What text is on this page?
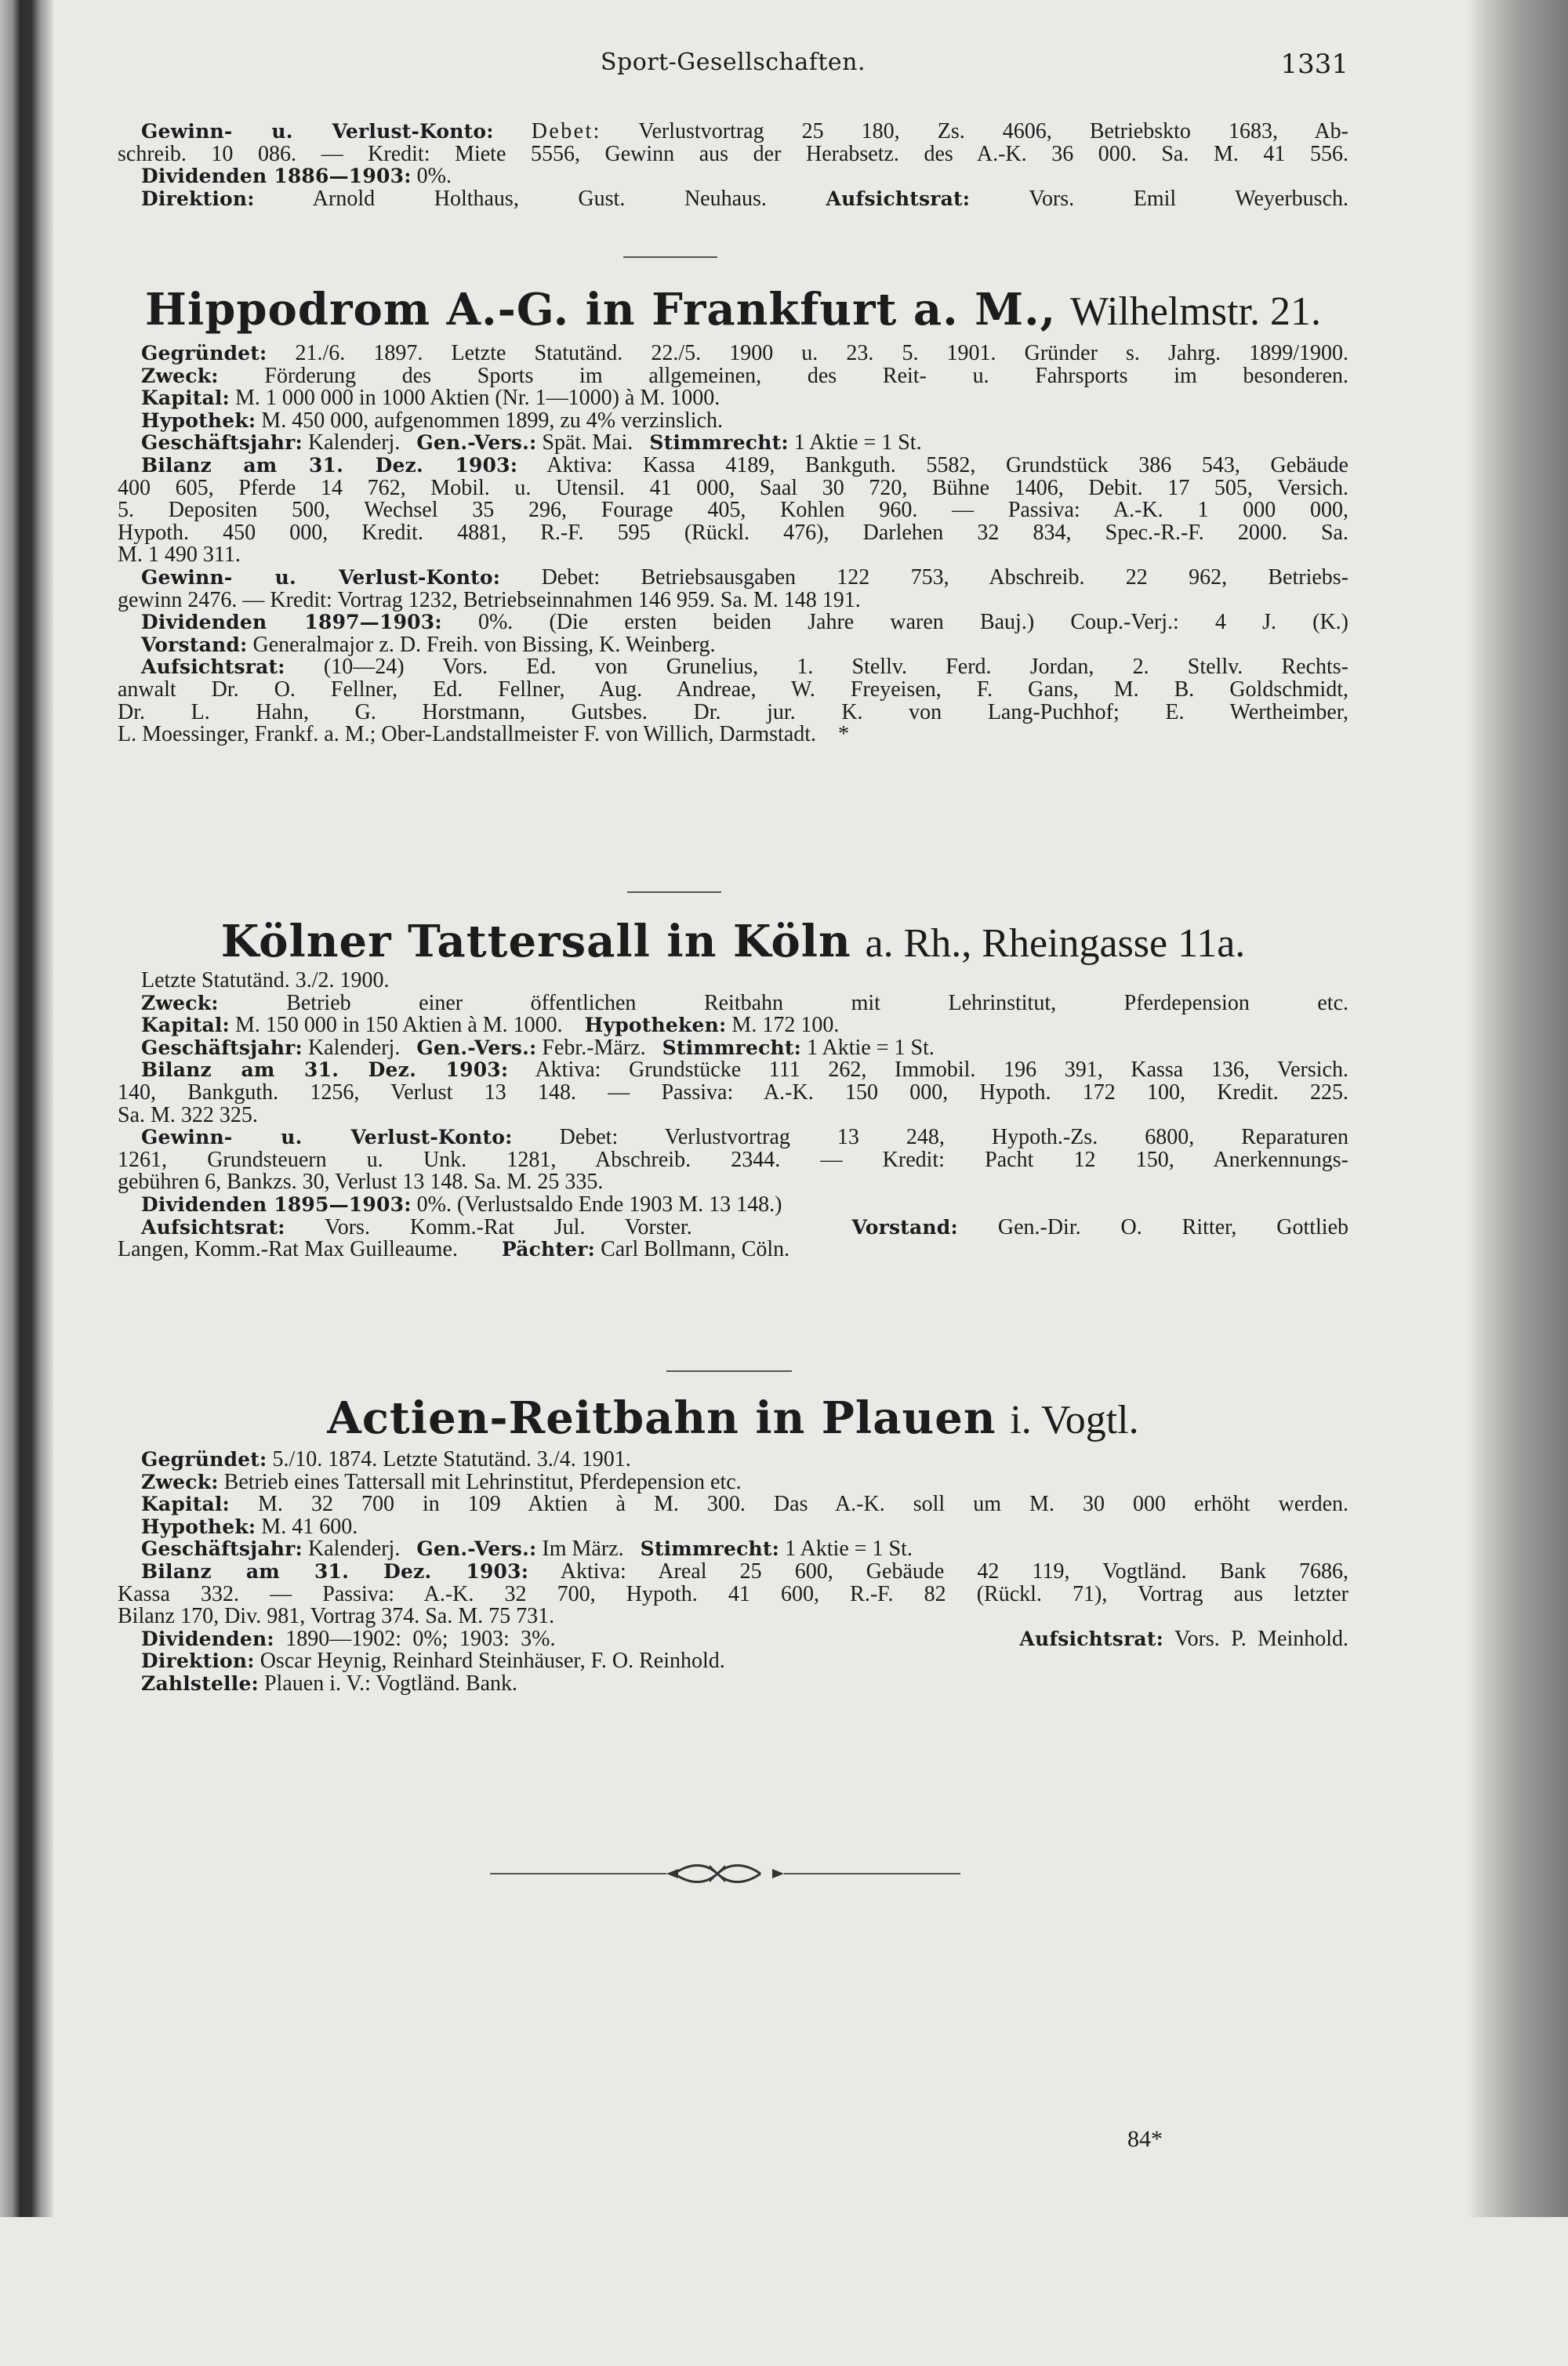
Sport-Gesellschaften.	1331
Gewinn- u. Verlust-Konto: Debet: Verlustvortrag 25 180, Zs. 4606, Betriebskto 1683, Ab-
schreib. 10 086. — Kredit: Miete 5556, Gewinn aus der Herabsetz. des A.-K. 36 000. Sa. M. 41 556.
Dividenden 1886—1903: 0%.
Direktion:	Arnold Holthaus, Gust. Neuhaus.	Aufsichtsrat:	Vors. Emil Weyerbusch.
Hippodrom A.-G. in Frankfurt a. M., Wilhelmstr. 21.
Gegründet: 21./6. 1897. Letzte Statutänd. 22./5. 1900 u. 23. 5. 1901. Gründer s. Jahrg. 1899/1900.
Zweck: Förderung des Sports im allgemeinen, des Reit- u. Fahrsports im besonderen.
Kapital: M. 1 000 000 in 1000 Aktien (Nr. 1—1000) à M. 1000.
Hypothek: M. 450 000, aufgenommen 1899, zu 4% verzinslich.
Geschäftsjahr: Kalenderj. Gen.-Vers.: Spät. Mai. Stimmrecht: 1 Aktie = 1 St.
Bilanz am 31. Dez. 1903: Aktiva: Kassa 4189, Bankguth. 5582, Grundstück 386 543, Gebäude
400 605, Pferde 14 762, Mobil. u. Utensil. 41 000, Saal 30 720, Bühne 1406, Debit. 17 505, Versich.
5. Depositen 500, Wechsel 35 296, Fourage 405, Kohlen 960. — Passiva: A.-K. 1 000 000,
Hypoth. 450 000, Kredit. 4881, R.-F. 595 (Rückl. 476), Darlehen 32 834, Spec.-R.-F. 2000. Sa.
M. 1 490 311.
Gewinn- u. Verlust-Konto: Debet: Betriebsausgaben 122 753, Abschreib. 22 962, Betriebs-
gewinn 2476. — Kredit: Vortrag 1232, Betriebseinnahmen 146 959. Sa. M. 148 191.
Dividenden 1897—1903: 0%. (Die ersten beiden Jahre waren Bauj.) Coup.-Verj.: 4 J. (K.)
Vorstand: Generalmajor z. D. Freih. von Bissing, K. Weinberg.
Aufsichtsrat: (10—24) Vors. Ed. von Grunelius, 1. Stellv. Ferd. Jordan, 2. Stellv. Rechts-
anwalt Dr. O. Fellner, Ed. Fellner, Aug. Andreae, W. Freyeisen, F. Gans, M. B. Goldschmidt,
Dr. L. Hahn, G. Horstmann, Gutsbes. Dr. jur. K. von Lang-Puchhof; E. Wertheimber,
L. Moessinger, Frankf. a. M.; Ober-Landstallmeister F. von Willich, Darmstadt. *
Kölner Tattersall in Köln a. Rh., Rheingasse 11a.
Letzte Statutänd. 3./2. 1900.
Zweck:	Betrieb einer öffentlichen Reitbahn mit Lehrinstitut, Pferdepension etc.
Kapital: M. 150 000 in 150 Aktien à M. 1000. Hypotheken: M. 172 100.
Geschäftsjahr: Kalenderj. Gen.-Vers.: Febr.-März. Stimmrecht: 1 Aktie = 1 St.
Bilanz am 31. Dez. 1903: Aktiva: Grundstücke 111 262, Immobil. 196 391, Kassa 136, Versich.
140, Bankguth. 1256, Verlust 13 148. — Passiva: A.-K. 150 000, Hypoth. 172 100, Kredit. 225.
Sa. M. 322 325.
Gewinn- u. Verlust-Konto: Debet: Verlustvortrag 13 248, Hypoth.-Zs. 6800, Reparaturen
1261, Grundsteuern u. Unk. 1281, Abschreib. 2344. — Kredit: Pacht 12 150, Anerkennungs-
gebühren 6, Bankzs. 30, Verlust 13 148. Sa. M. 25 335.
Dividenden 1895—1903: 0%. (Verlustsaldo Ende 1903 M. 13 148.)
Aufsichtsrat: Vors. Komm.-Rat Jul. Vorster.	Vorstand: Gen.-Dir. O. Ritter, Gottlieb
Langen, Komm.-Rat Max Guilleaume. Pächter: Carl Bollmann, Cöln.
Actien-Reitbahn in Plauen i. Vogtl.
Gegründet: 5./10. 1874. Letzte Statutänd. 3./4. 1901.
Zweck: Betrieb eines Tattersall mit Lehrinstitut, Pferdepension etc.
Kapital: M. 32 700 in 109 Aktien à M. 300. Das A.-K. soll um M. 30 000 erhöht werden.
Hypothek: M. 41 600.
Geschäftsjahr: Kalenderj. Gen.-Vers.: Im März. Stimmrecht: 1 Aktie = 1 St.
Bilanz am 31. Dez. 1903: Aktiva: Areal 25 600, Gebäude 42 119, Vogtländ. Bank 7686,
Kassa 332. — Passiva: A.-K. 32 700, Hypoth. 41 600, R.-F. 82 (Rückl. 71), Vortrag aus letzter
Bilanz 170, Div. 981, Vortrag 374. Sa. M. 75 731.
Dividenden: 1890—1902: 0%; 1903: 3%.	Aufsichtsrat: Vors. P. Meinhold.
Direktion: Oscar Heynig, Reinhard Steinhäuser, F. O. Reinhold.
Zahlstelle: Plauen i. V.: Vogtländ. Bank.
84*
